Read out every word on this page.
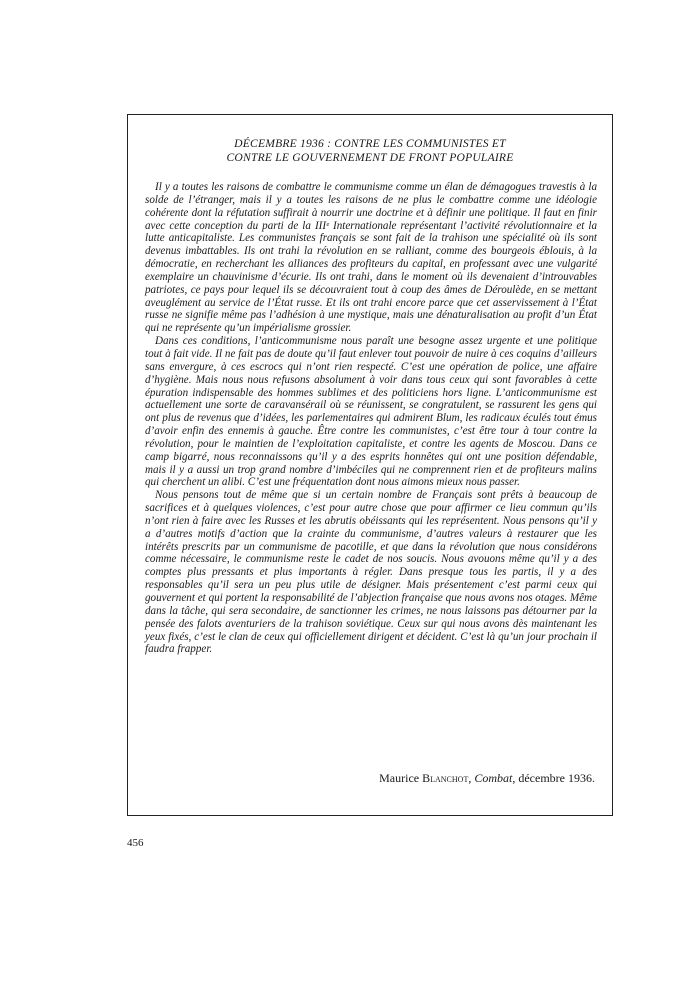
DÉCEMBRE 1936 : CONTRE LES COMMUNISTES ET
CONTRE LE GOUVERNEMENT DE FRONT POPULAIRE

Il y a toutes les raisons de combattre le communisme comme un élan de démagogues travestis à la solde de l’étranger, mais il y a toutes les raisons de ne plus le combattre comme une idéologie cohérente dont la réfutation suffirait à nourrir une doctrine et à définir une politique. Il faut en finir avec cette conception du parti de la IIIᵉ Internationale représentant l’activité révolutionnaire et la lutte anticapitaliste. Les communistes français se sont fait de la trahison une spécialité où ils sont devenus imbattables. Ils ont trahi la révolution en se ralliant, comme des bourgeois éblouis, à la démocratie, en recherchant les alliances des profiteurs du capital, en professant avec une vulgarité exemplaire un chauvinisme d’écurie. Ils ont trahi, dans le moment où ils devenaient d’introuvables patriotes, ce pays pour lequel ils se découvraient tout à coup des âmes de Déroulède, en se mettant aveuglément au service de l’État russe. Et ils ont trahi encore parce que cet asservissement à l’État russe ne signifie même pas l’adhésion à une mystique, mais une dénaturalisation au profit d’un État qui ne représente qu’un impérialisme grossier.

Dans ces conditions, l’anticommunisme nous paraît une besogne assez urgente et une politique tout à fait vide. Il ne fait pas de doute qu’il faut enlever tout pouvoir de nuire à ces coquins d’ailleurs sans envergure, à ces escrocs qui n’ont rien respecté. C’est une opération de police, une affaire d’hygiène. Mais nous nous refusons absolument à voir dans tous ceux qui sont favorables à cette épuration indispensable des hommes sublimes et des politiciens hors ligne. L’anticommunisme est actuellement une sorte de caravansérail où se réunissent, se congratulent, se rassurent les gens qui ont plus de revenus que d’idées, les parlementaires qui admirent Blum, les radicaux éculés tout émus d’avoir enfin des ennemis à gauche. Être contre les communistes, c’est être tour à tour contre la révolution, pour le maintien de l’exploitation capitaliste, et contre les agents de Moscou. Dans ce camp bigarré, nous reconnaissons qu’il y a des esprits honnêtes qui ont une position défendable, mais il y a aussi un trop grand nombre d’imbéciles qui ne comprennent rien et de profiteurs malins qui cherchent un alibi. C’est une fréquentation dont nous aimons mieux nous passer.

Nous pensons tout de même que si un certain nombre de Français sont prêts à beaucoup de sacrifices et à quelques violences, c’est pour autre chose que pour affirmer ce lieu commun qu’ils n’ont rien à faire avec les Russes et les abrutis obéissants qui les représentent. Nous pensons qu’il y a d’autres motifs d’action que la crainte du communisme, d’autres valeurs à restaurer que les intérêts prescrits par un communisme de pacotille, et que dans la révolution que nous considérons comme nécessaire, le communisme reste le cadet de nos soucis. Nous avouons même qu’il y a des comptes plus pressants et plus importants à régler. Dans presque tous les partis, il y a des responsables qu’il sera un peu plus utile de désigner. Mais présentement c’est parmi ceux qui gouvernent et qui portent la responsabilité de l’abjection française que nous avons nos otages. Même dans la tâche, qui sera secondaire, de sanctionner les crimes, ne nous laissons pas détourner par la pensée des falots aventuriers de la trahison soviétique. Ceux sur qui nous avons dès maintenant les yeux fixés, c’est le clan de ceux qui officiellement dirigent et décident. C’est là qu’un jour prochain il faudra frapper.

Maurice Blanchot, Combat, décembre 1936.
456
